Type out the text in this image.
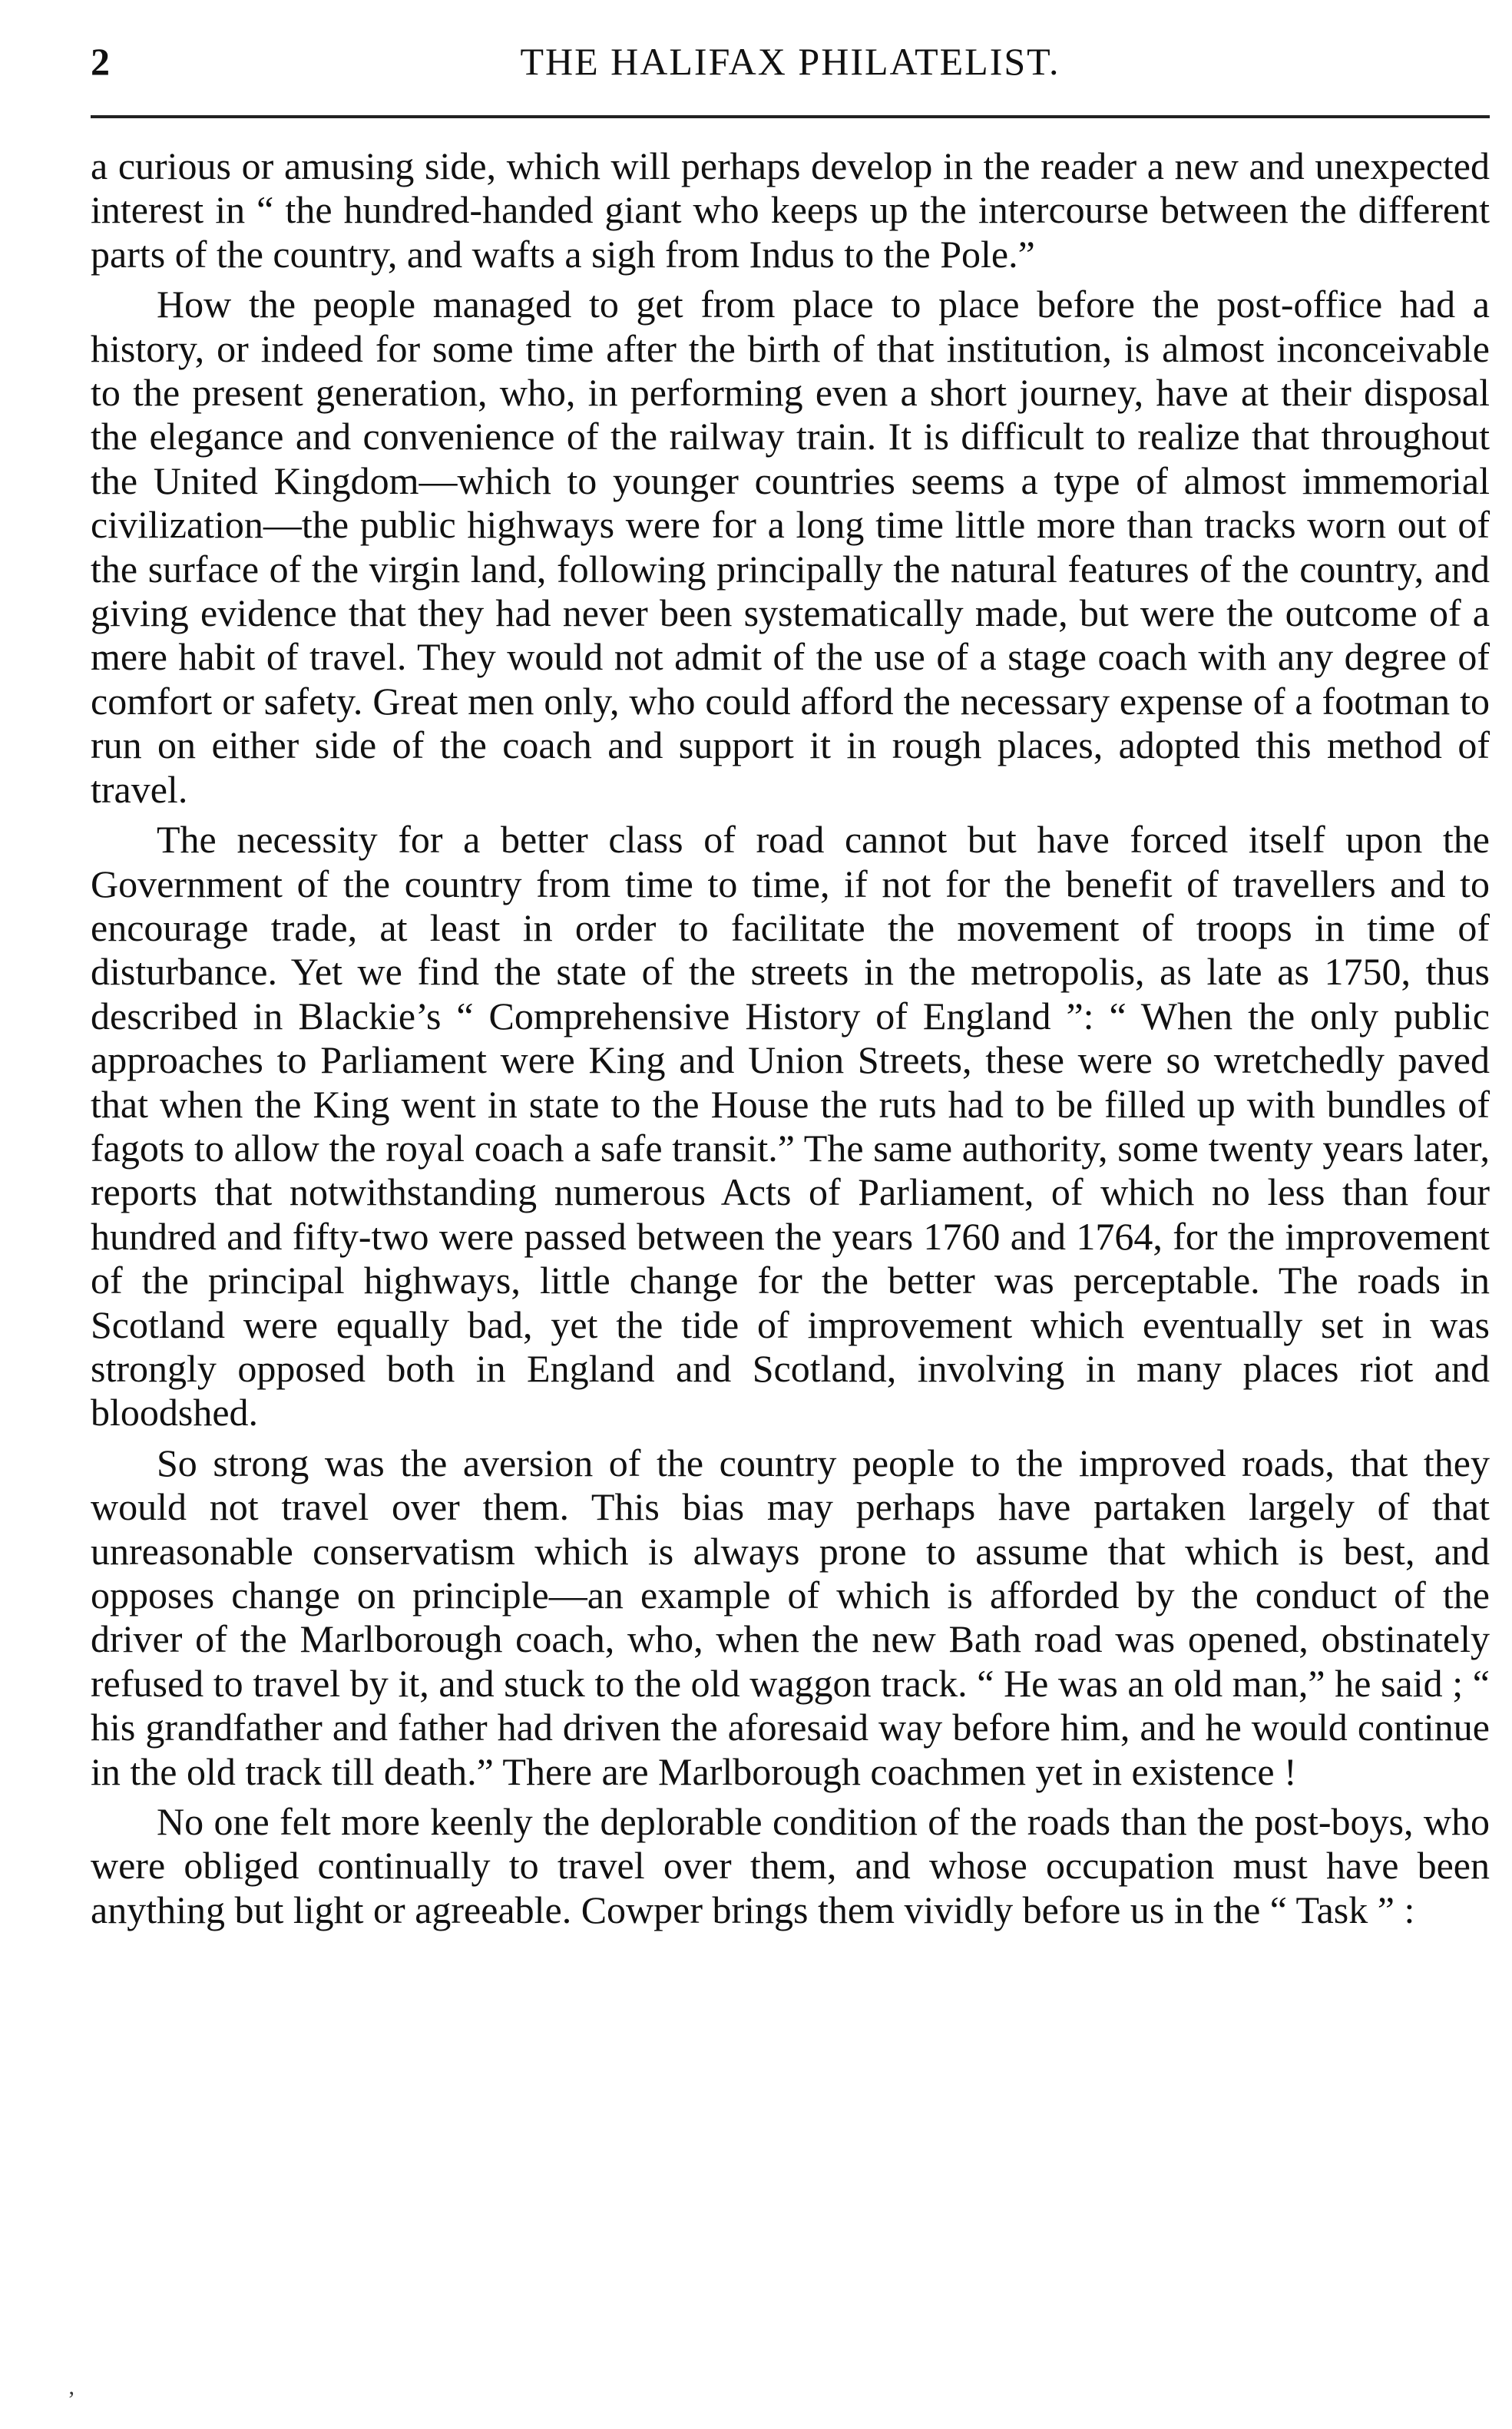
2	THE HALIFAX PHILATELIST.

a curious or amusing side, which will perhaps develop in the reader a new and unexpected interest in “ the hundred-handed giant who keeps up the intercourse between the different parts of the country, and wafts a sigh from Indus to the Pole.”

How the people managed to get from place to place before the post-office had a history, or indeed for some time after the birth of that institution, is almost inconceivable to the present generation, who, in performing even a short journey, have at their disposal the elegance and convenience of the railway train. It is difficult to realize that throughout the United Kingdom—which to younger countries seems a type of almost immemorial civilization—the public highways were for a long time little more than tracks worn out of the surface of the virgin land, following principally the natural features of the country, and giving evidence that they had never been systematically made, but were the outcome of a mere habit of travel. They would not admit of the use of a stage coach with any degree of comfort or safety. Great men only, who could afford the necessary expense of a footman to run on either side of the coach and support it in rough places, adopted this method of travel.

The necessity for a better class of road cannot but have forced itself upon the Government of the country from time to time, if not for the benefit of travellers and to encourage trade, at least in order to facilitate the movement of troops in time of disturbance. Yet we find the state of the streets in the metropolis, as late as 1750, thus described in Blackie’s “ Comprehensive History of England ”: “ When the only public approaches to Parliament were King and Union Streets, these were so wretchedly paved that when the King went in state to the House the ruts had to be filled up with bundles of fagots to allow the royal coach a safe transit.” The same authority, some twenty years later, reports that notwithstanding numerous Acts of Parliament, of which no less than four hundred and fifty-two were passed between the years 1760 and 1764, for the improvement of the principal highways, little change for the better was perceptable. The roads in Scotland were equally bad, yet the tide of improvement which eventually set in was strongly opposed both in England and Scotland, involving in many places riot and bloodshed.

So strong was the aversion of the country people to the improved roads, that they would not travel over them. This bias may perhaps have partaken largely of that unreasonable conservatism which is always prone to assume that which is best, and opposes change on principle—an example of which is afforded by the conduct of the driver of the Marlborough coach, who, when the new Bath road was opened, obstinately refused to travel by it, and stuck to the old waggon track. “ He was an old man,” he said ; “ his grandfather and father had driven the aforesaid way before him, and he would continue in the old track till death.” There are Marlborough coachmen yet in existence !

No one felt more keenly the deplorable condition of the roads than the post-boys, who were obliged continually to travel over them, and whose occupation must have been anything but light or agreeable. Cowper brings them vividly before us in the “ Task ” :

’
